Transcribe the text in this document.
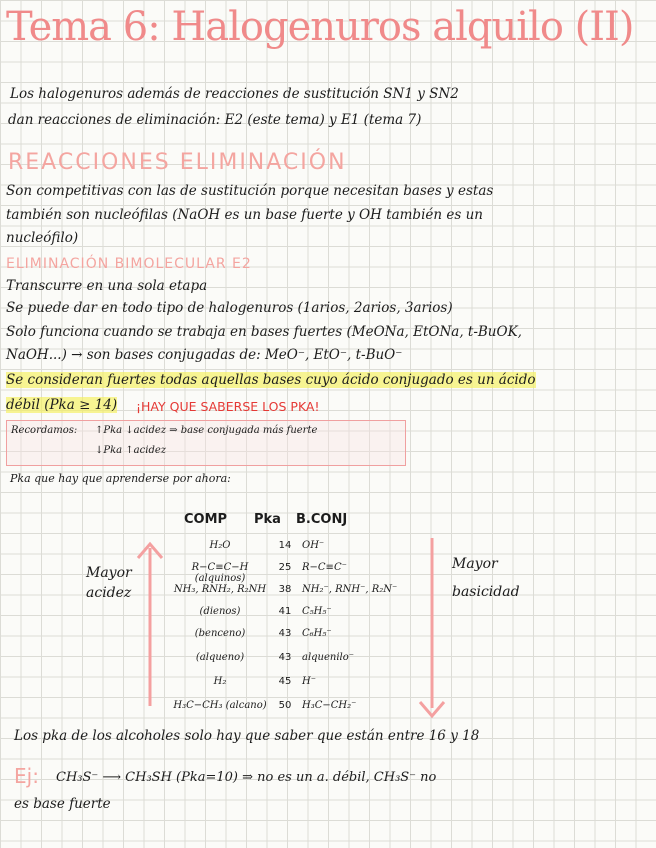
Tema 6: Halogenuros alquilo (II)
Los halogenuros además de reacciones de sustitución SN1 y SN2
dan reacciones de eliminación: E2 (este tema) y E1 (tema 7)
REACCIONES ELIMINACIÓN
Son competitivas con las de sustitución porque necesitan bases y estas
también son nucleófilas (NaOH es un base fuerte y OH también es un
nucleófilo)
ELIMINACIÓN BIMOLECULAR E2
Transcurre en una sola etapa
Se puede dar en todo tipo de halogenuros (1arios, 2arios, 3arios)
Solo funciona cuando se trabaja en bases fuertes (MeONa, EtONa, t-BuOK,
NaOH...) → son bases conjugadas de: MeO⁻, EtO⁻, t-BuO⁻
Se consideran fuertes todas aquellas bases cuyo ácido conjugado es un ácido
débil (Pka ≥ 14) ¡HAY QUE SABERSE LOS PKA!
Recordamos: ↑Pka ↓acidez ⇒ base conjugada más fuerte
↓Pka ↑acidez
Pka que hay que aprenderse por ahora:
COMP Pka B.CONJ
H₂O	14	OH⁻
R−C≡C−H (alquinos)
25	R−C≡C⁻
NH₃, RNH₂, R₂NH	38	NH₂⁻, RNH⁻, R₂N⁻
(dienos)	41	C₅H₅⁻
(benceno)	43	C₆H₅⁻
(alqueno)	43	alquenilo⁻
H₂	45	H⁻
H₃C−CH₃ (alcano)	50	H₃C−CH₂⁻
Mayor
acidez
Mayor
basicidad
Los pka de los alcoholes solo hay que saber que están entre 16 y 18
Ej: CH₃S⁻ ⟶ CH₃SH (Pka=10) ⇒ no es un a. débil, CH₃S⁻ no
es base fuerte
